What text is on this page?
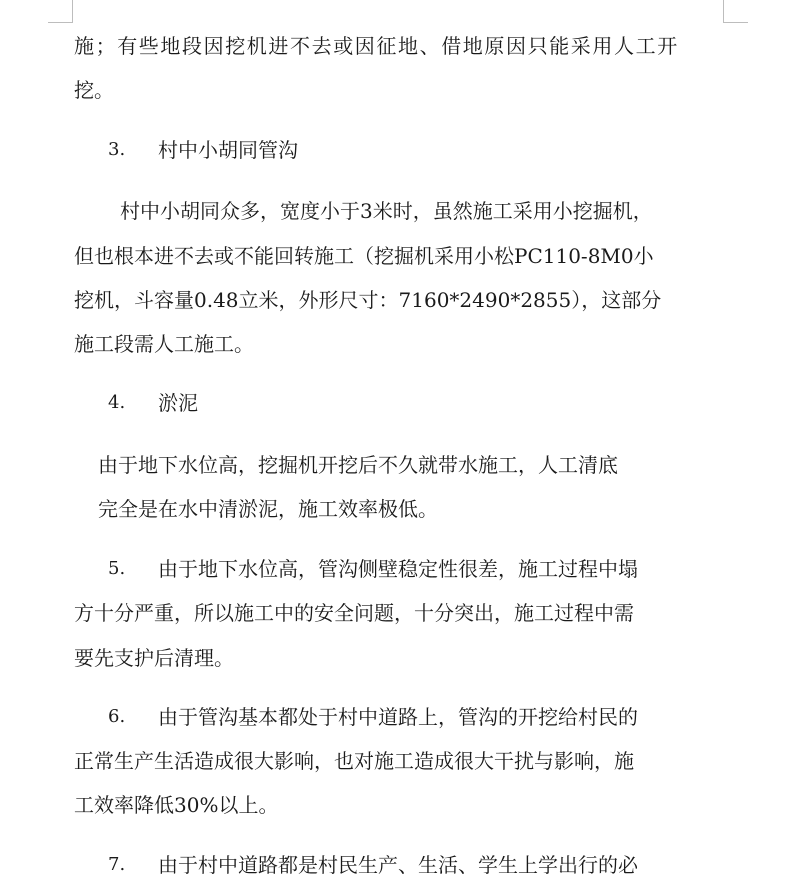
施；有些地段因挖机进不去或因征地、借地原因只能采用人工开
挖。
3. 村中小胡同管沟
村中小胡同众多，宽度小于3米时，虽然施工采用小挖掘机，
但也根本进不去或不能回转施工（挖掘机采用小松PC110-8M0小
挖机，斗容量0.48立米，外形尺寸：7160*2490*2855），这部分
施工段需人工施工。
4. 淤泥
由于地下水位高，挖掘机开挖后不久就带水施工，人工清底
完全是在水中清淤泥，施工效率极低。
5. 由于地下水位高，管沟侧壁稳定性很差，施工过程中塌
方十分严重，所以施工中的安全问题，十分突出，施工过程中需
要先支护后清理。
6. 由于管沟基本都处于村中道路上，管沟的开挖给村民的
正常生产生活造成很大影响，也对施工造成很大干扰与影响，施
工效率降低30%以上。
7. 由于村中道路都是村民生产、生活、学生上学出行的必
